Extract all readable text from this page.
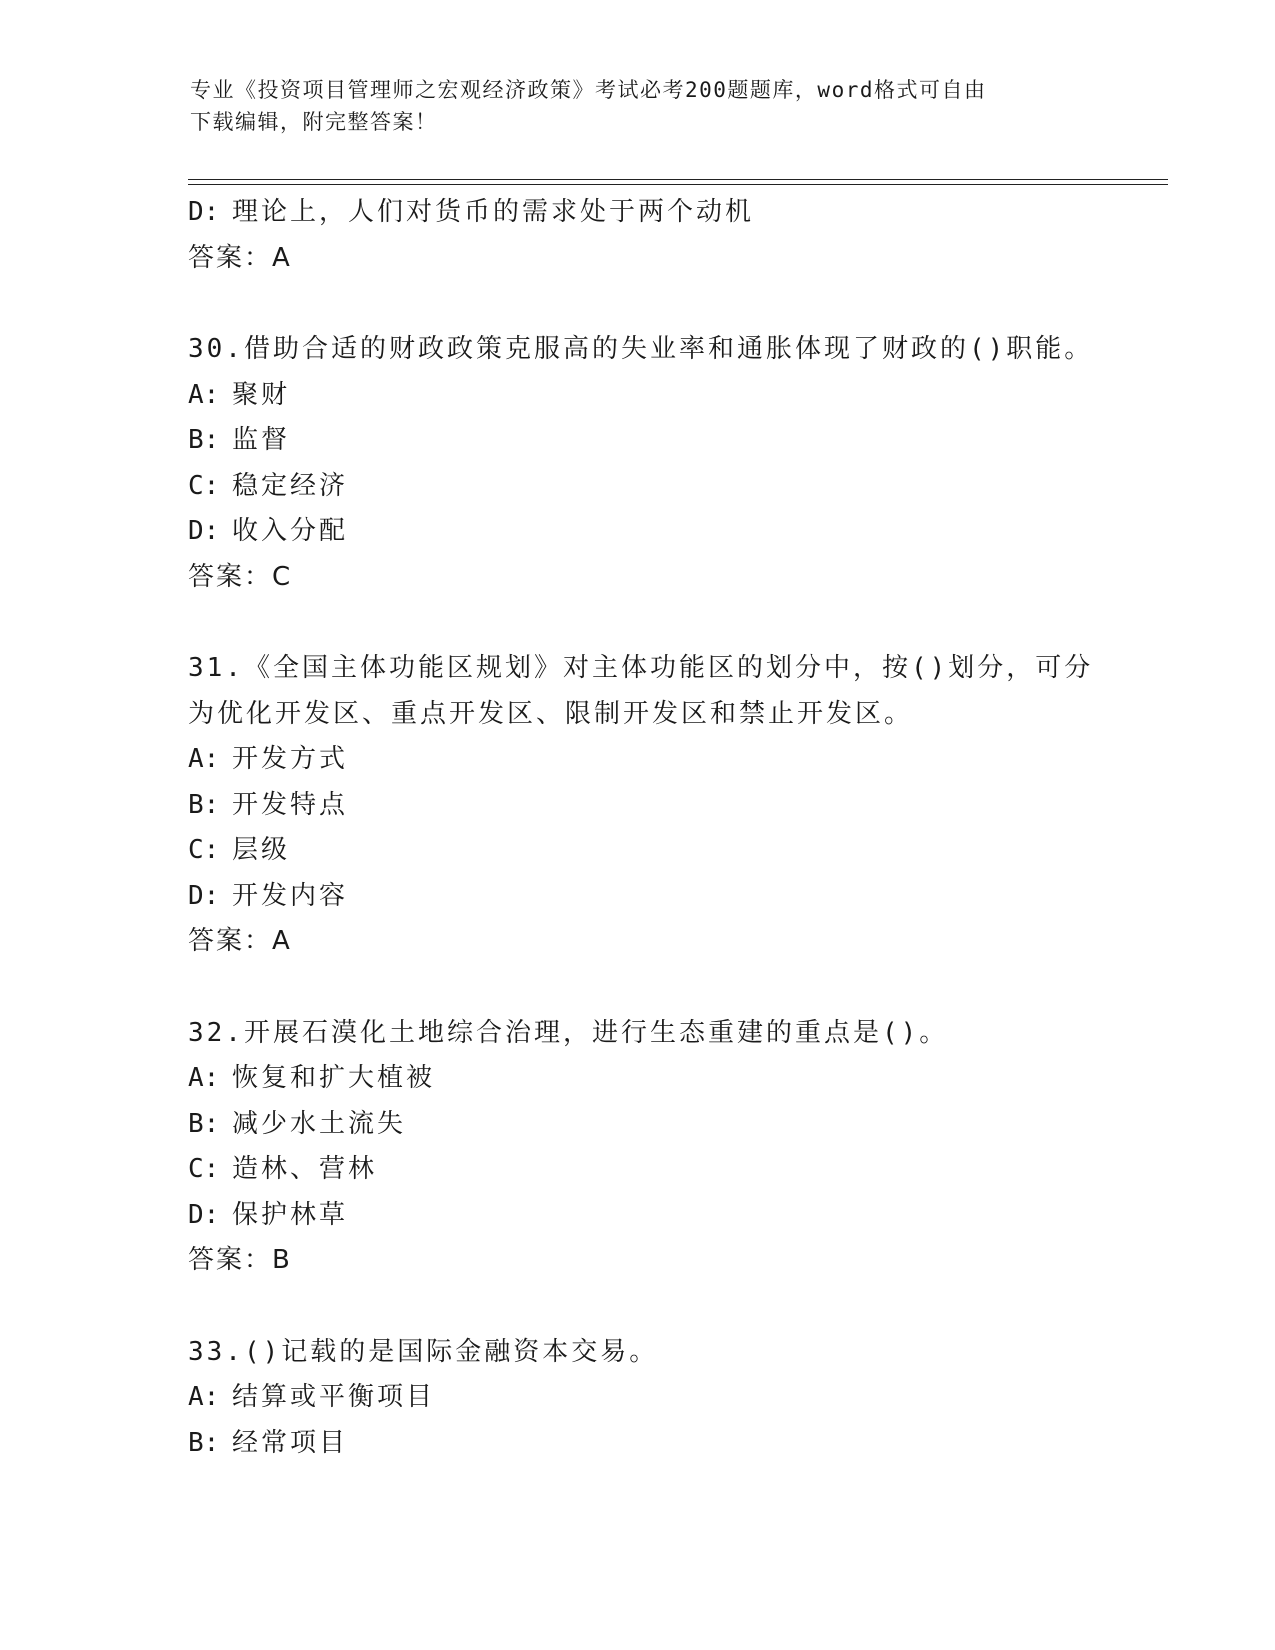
专业《投资项目管理师之宏观经济政策》考试必考200题题库，word格式可自由
下载编辑，附完整答案！
D: 理论上，人们对货币的需求处于两个动机
答案：A
30.借助合适的财政政策克服高的失业率和通胀体现了财政的()职能。
A: 聚财
B: 监督
C: 稳定经济
D: 收入分配
答案：C
31.《全国主体功能区规划》对主体功能区的划分中，按()划分，可分
为优化开发区、重点开发区、限制开发区和禁止开发区。
A: 开发方式
B: 开发特点
C: 层级
D: 开发内容
答案：A
32.开展石漠化土地综合治理，进行生态重建的重点是()。
A: 恢复和扩大植被
B: 减少水土流失
C: 造林、营林
D: 保护林草
答案：B
33.()记载的是国际金融资本交易。
A: 结算或平衡项目
B: 经常项目
